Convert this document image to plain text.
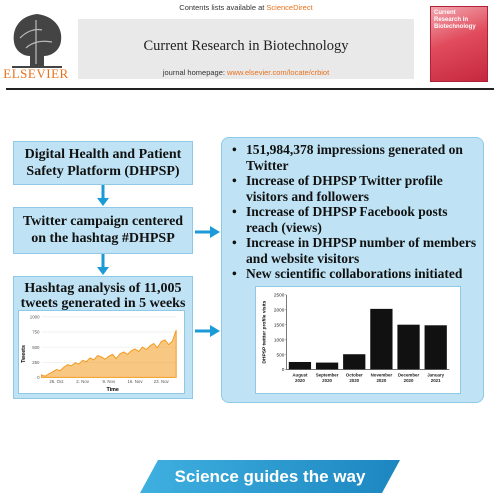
ELSEVIER
Contents lists available at ScienceDirect
Current Research in Biotechnology
journal homepage: www.elsevier.com/locate/crbiot
Current Research in
Biotechnology
Digital Health and Patient Safety Platform (DHPSP)
Twitter campaign centered on the hashtag #DHPSP
Hashtag analysis of 11,005 tweets generated in 5 weeks
0
250
500
750
1000
26. Oct	2. Nov	9. Nov	16. Nov 23. Nov
Tweets
Time
• 151,984,378 impressions generated on Twitter
• Increase of DHPSP Twitter profile visitors and followers
• Increase of DHPSP Facebook posts reach (views)
• Increase in DHPSP number of members and website visitors
• New scientific collaborations initiated
0
500
1000
1500
2000
2500
August
2020
September
2020
October
2020
November
2020
December
2020
January
2021
DHPSP twitter profile visits
Science guides the way
